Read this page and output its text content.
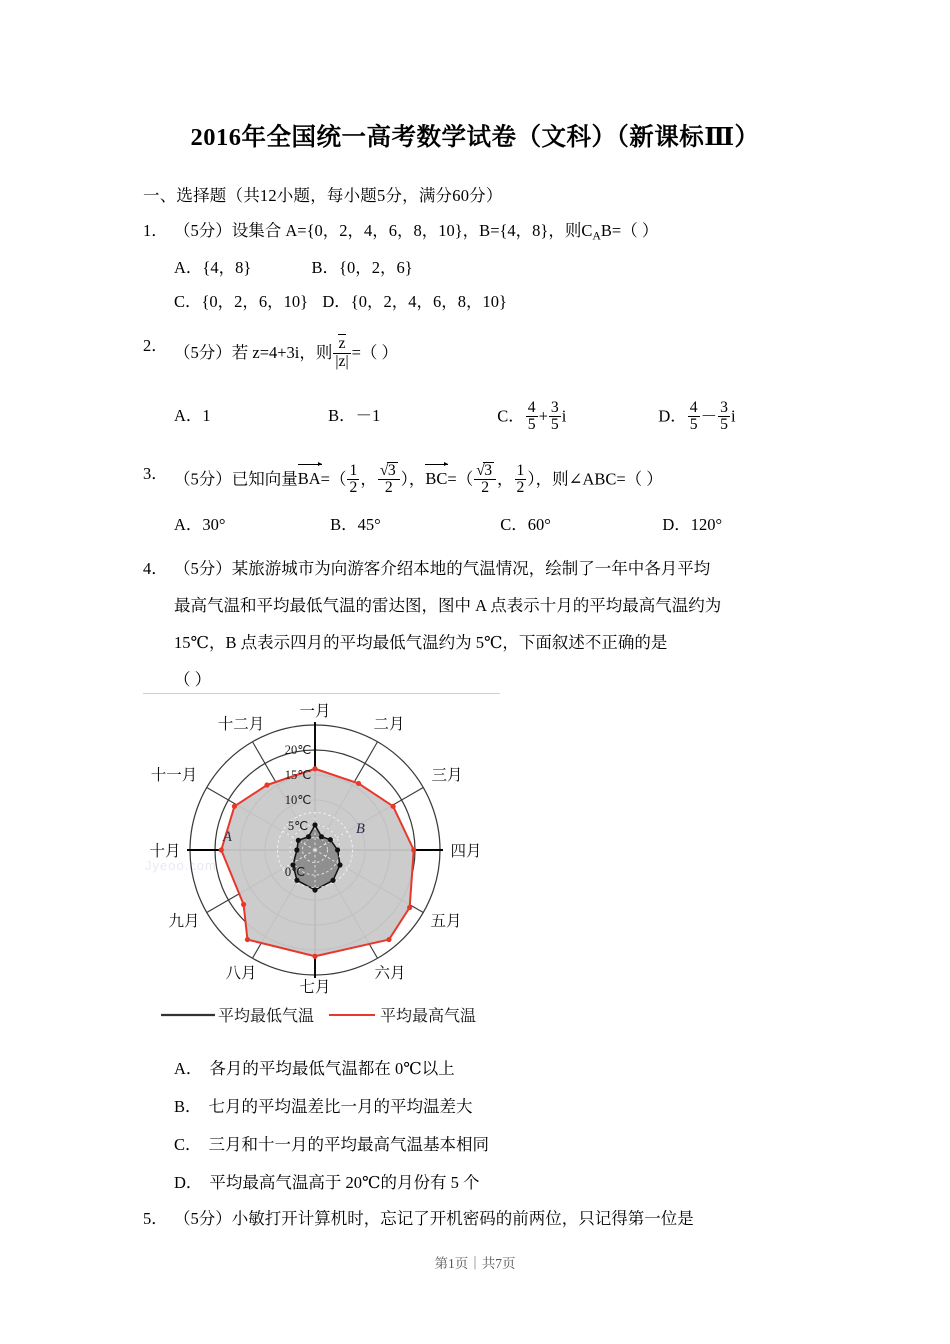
2016年全国统一高考数学试卷（文科）（新课标Ⅲ）
一、选择题（共12小题，每小题5分，满分60分）
1． （5分）设集合 A={0，2，4，6，8，10}，B={4，8}，则$C_AB=$（ ）
A．{4，8}	B．{0，2，6}
C．{0，2，6，10} D．{0，2，4，6，8，10}
2． （5分）若 z=4+3i，则 $\frac{z}{|z|}$ =（ ）
A．1	B．－1	C． $\frac{4}{5} + \frac{3}{5}$ i	D． $\frac{4}{5} - \frac{3}{5}$ i
3． （5分）已知向量$BA=( \frac{1}{2}$ ， $\frac{√ 3}{2}$ ），$BC=( \frac{√ 3}{2}$ ， $\frac{1}{2}$ ），则∠ABC=（ ）
A．30°	B．45°	C．60°	D．120°
4． （5分）某旅游城市为向游客介绍本地的气温情况，绘制了一年中各月平均
最高气温和平均最低气温的雷达图，图中 A 点表示十月的平均最高气温约为
15℃，B 点表示四月的平均最低气温约为 5℃，下面叙述不正确的是
（ ）
Jyeoo.com	0℃
5℃
10℃
15℃
20℃
A	B
一月
二月
三月
四月
五月
六月
七月
八月
九月
十月
十一月
十二月
平均最低气温	平均最高气温
A． 各月的平均最低气温都在 0℃以上
B． 七月的平均温差比一月的平均温差大
C． 三月和十一月的平均最高气温基本相同
D． 平均最高气温高于 20℃的月份有 5 个
5． （5分）小敏打开计算机时，忘记了开机密码的前两位，只记得第一位是
第1页｜共7页
